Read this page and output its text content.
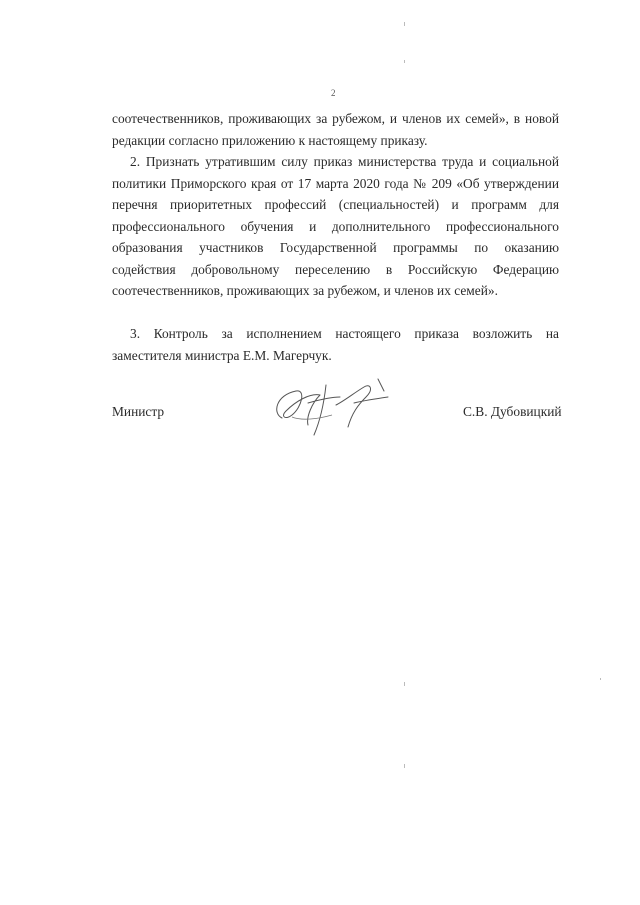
2

соотечественников, проживающих за рубежом, и членов их семей», в новой редакции согласно приложению к настоящему приказу.

2. Признать утратившим силу приказ министерства труда и социальной политики Приморского края от 17 марта 2020 года № 209 «Об утверждении перечня приоритетных профессий (специальностей) и программ для профессионального обучения и дополнительного профессионального образования участников Государственной программы по оказанию содействия добровольному переселению в Российскую Федерацию соотечественников, проживающих за рубежом, и членов их семей».

3. Контроль за исполнением настоящего приказа возложить на заместителя министра Е.М. Магерчук.

Министр	С.В. Дубовицкий
